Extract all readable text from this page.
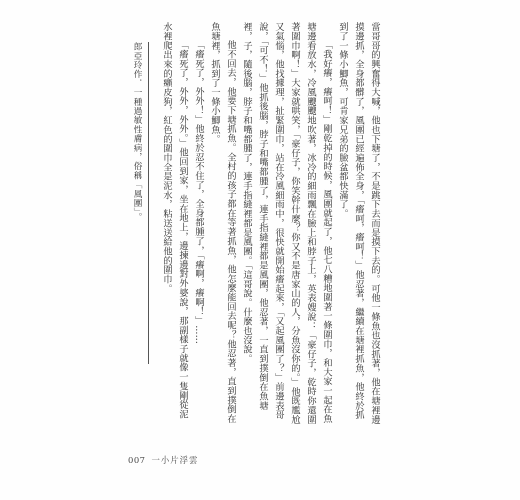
郎亞玲作．一種過敏性膚病，俗稱「風團」。	當哥哥的興奮得大喊，他也下塘了，不是跳下去而是摸下去的。可他一條魚也沒抓著，他在塘裡邊摸邊抓，全身都髒了，風團已經遍佈全身，「癢呵，癢呵！」他忍著，繼續在塘裡抓魚，他終於抓到了一條小鯽魚，可肯家兄弟的臉盆都快滿了。

「我好癢，癢呵！」剛乾掉的時候，風團就起了，他七八糟地圍著一條圍巾，和大家一起在魚塘邊看放水，冷風颼颼地吹著，冰冷的細雨飄在臉上和脖子上，英表嫂說：「豪仔子，乾時你還圍著圍巾啊！」大家就哄笑，「豪仔子，你笑幹什麼？你又不是唐家山的人，分魚沒你的。」他既尷尬又氣惱，他找據理，扯緊圍巾，站在冷風細雨中，很快就開始癢起來，「又起風團了？」前邊表哥說，「可不！」他抓後腦，脖子和嘴都腫了，連手指縫裡都是風團，他忍著，一直到撲倒在魚塘裡，子，隨後腦，脖子和嘴都腫了，連手指縫裡都是風團。「這哥說。什麼也沒說。

他不回去，他要下塘抓魚。全村的孩子都在等著抓魚，他怎麼能回去呢？他忍著，直到撲倒在魚塘裡，抓到了一條小鯽魚。

「癢死了，外外！」他終於忍不住了，全身都腫了，「癢啊，癢啊！」……

「癢死了，外外，外外。」他回到家，坐在地上，邊揀邊對外婆說，那副樣子就像一隻剛從泥水裡爬出來的癩皮狗，紅色的圍巾全是泥水，粘送送給他的圍巾。

007 一小片浮雲
